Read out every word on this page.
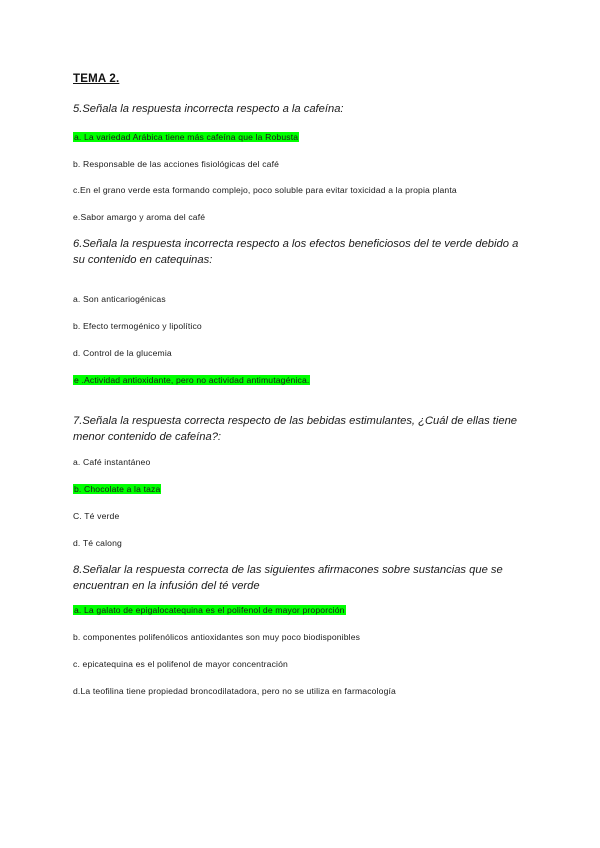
TEMA 2.
5.Señala la respuesta incorrecta respecto a la cafeína:
a. La variedad Arábica tiene más cafeína que la Robusta
b. Responsable de las acciones fisiológicas del café
c.En el grano verde esta formando complejo, poco soluble para evitar toxicidad a la propia planta
e.Sabor amargo y aroma del café
6.Señala la respuesta incorrecta respecto a los efectos beneficiosos del te verde debido a
su contenido en catequinas:
a. Son anticariogénicas
b. Efecto termogénico y lipolítico
d. Control de la glucemia
e .Actividad antioxidante, pero no actividad antimutagénica.
7.Señala la respuesta correcta respecto de las bebidas estimulantes, ¿Cuál de ellas tiene
menor contenido de cafeína?:
a. Café instantáneo
b. Chocolate a la taza
C. Té verde
d. Té calong
8.Señalar la respuesta correcta de las siguientes afirmacones sobre sustancias que se
encuentran en la infusión del té verde
a. La galato de epigalocatequina es el polifenol de mayor proporción
b. componentes polifenólicos antioxidantes son muy poco biodisponibles
c. epicatequina es el polifenol de mayor concentración
d.La teofilina tiene propiedad broncodilatadora, pero no se utiliza en farmacología
